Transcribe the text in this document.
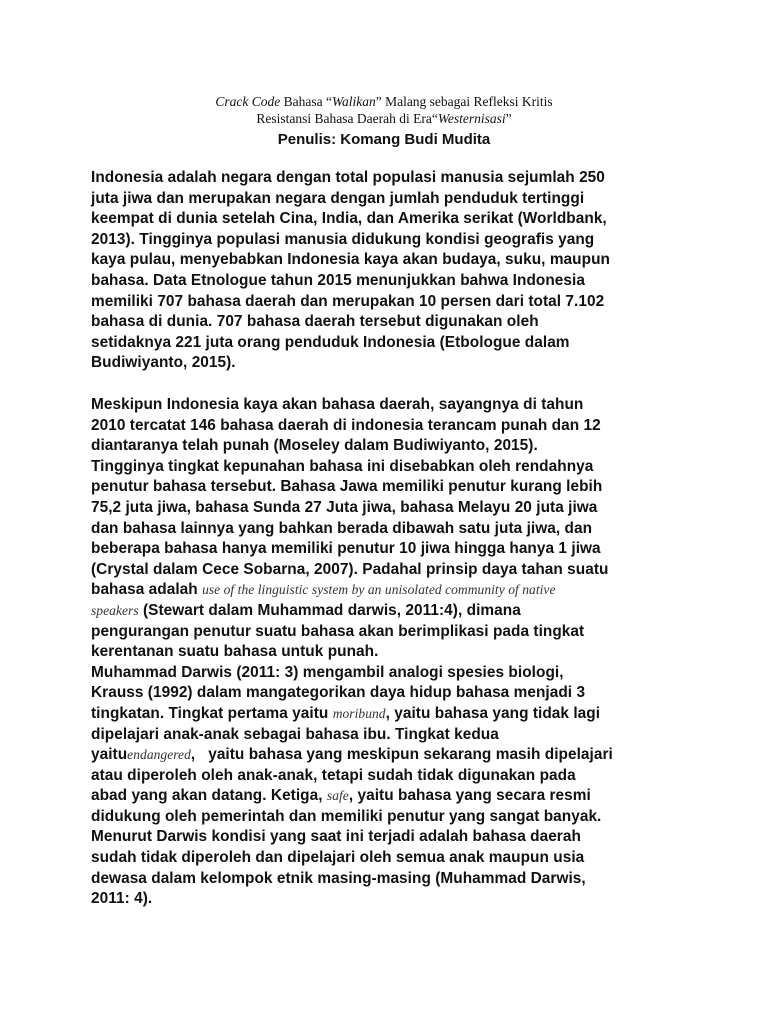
Crack Code Bahasa “Walikan” Malang sebagai Refleksi Kritis
Resistansi Bahasa Daerah di Era“Westernisasi”
Penulis: Komang Budi Mudita
Indonesia adalah negara dengan total populasi manusia sejumlah 250
juta jiwa dan merupakan negara dengan jumlah penduduk tertinggi
keempat di dunia setelah Cina, India, dan Amerika serikat (Worldbank,
2013). Tingginya populasi manusia didukung kondisi geografis yang
kaya pulau, menyebabkan Indonesia kaya akan budaya, suku, maupun
bahasa. Data Etnologue tahun 2015 menunjukkan bahwa Indonesia
memiliki 707 bahasa daerah dan merupakan 10 persen dari total 7.102
bahasa di dunia. 707 bahasa daerah tersebut digunakan oleh
setidaknya 221 juta orang penduduk Indonesia (Etbologue dalam
Budiwiyanto, 2015).
Meskipun Indonesia kaya akan bahasa daerah, sayangnya di tahun
2010 tercatat 146 bahasa daerah di indonesia terancam punah dan 12
diantaranya telah punah (Moseley dalam Budiwiyanto, 2015).
Tingginya tingkat kepunahan bahasa ini disebabkan oleh rendahnya
penutur bahasa tersebut. Bahasa Jawa memiliki penutur kurang lebih
75,2 juta jiwa, bahasa Sunda 27 Juta jiwa, bahasa Melayu 20 juta jiwa
dan bahasa lainnya yang bahkan berada dibawah satu juta jiwa, dan
beberapa bahasa hanya memiliki penutur 10 jiwa hingga hanya 1 jiwa
(Crystal dalam Cece Sobarna, 2007). Padahal prinsip daya tahan suatu
bahasa adalah use of the linguistic system by an unisolated community of native
speakers (Stewart dalam Muhammad darwis, 2011:4), dimana
pengurangan penutur suatu bahasa akan berimplikasi pada tingkat
kerentanan suatu bahasa untuk punah.
Muhammad Darwis (2011: 3) mengambil analogi spesies biologi,
Krauss (1992) dalam mangategorikan daya hidup bahasa menjadi 3
tingkatan. Tingkat pertama yaitu moribund, yaitu bahasa yang tidak lagi
dipelajari anak-anak sebagai bahasa ibu. Tingkat kedua
yaituendangered,   yaitu bahasa yang meskipun sekarang masih dipelajari
atau diperoleh oleh anak-anak, tetapi sudah tidak digunakan pada
abad yang akan datang. Ketiga, safe, yaitu bahasa yang secara resmi
didukung oleh pemerintah dan memiliki penutur yang sangat banyak.
Menurut Darwis kondisi yang saat ini terjadi adalah bahasa daerah
sudah tidak diperoleh dan dipelajari oleh semua anak maupun usia
dewasa dalam kelompok etnik masing-masing (Muhammad Darwis,
2011: 4).
